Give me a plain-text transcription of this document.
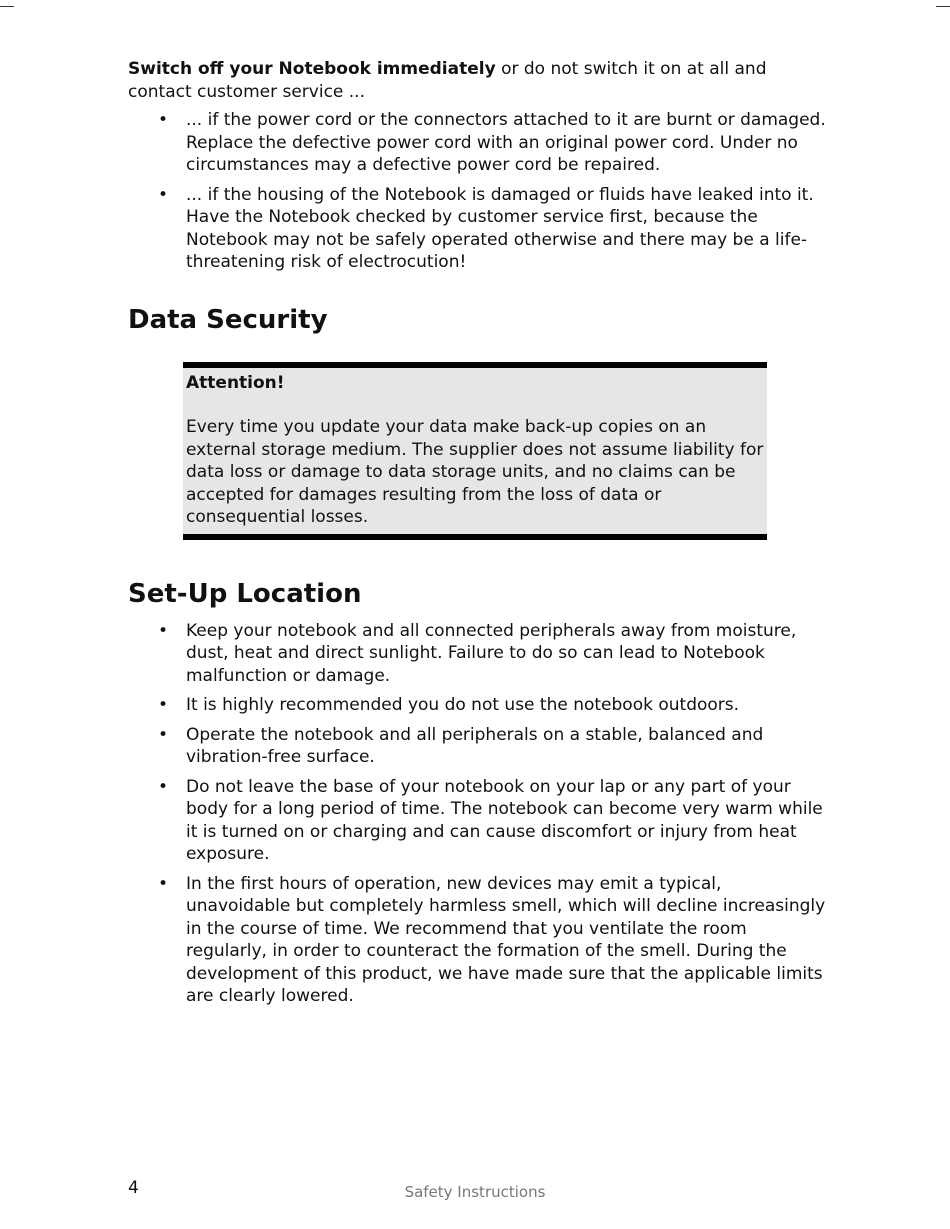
Switch off your Notebook immediately or do not switch it on at all and contact customer service ...

• ... if the power cord or the connectors attached to it are burnt or damaged. Replace the defective power cord with an original power cord. Under no circumstances may a defective power cord be repaired.
• ... if the housing of the Notebook is damaged or fluids have leaked into it. Have the Notebook checked by customer service first, because the Notebook may not be safely operated otherwise and there may be a life-threatening risk of electrocution!
Data Security

Attention!

Every time you update your data make back-up copies on an external storage medium. The supplier does not assume liability for data loss or damage to data storage units, and no claims can be accepted for damages resulting from the loss of data or consequential losses.

Set-Up Location
• Keep your notebook and all connected peripherals away from moisture, dust, heat and direct sunlight. Failure to do so can lead to Notebook malfunction or damage.
• It is highly recommended you do not use the notebook outdoors.
• Operate the notebook and all peripherals on a stable, balanced and vibration-free surface.
• Do not leave the base of your notebook on your lap or any part of your body for a long period of time. The notebook can become very warm while it is turned on or charging and can cause discomfort or injury from heat exposure.
• In the first hours of operation, new devices may emit a typical, unavoidable but completely harmless smell, which will decline increasingly in the course of time. We recommend that you ventilate the room regularly, in order to counteract the formation of the smell. During the development of this product, we have made sure that the applicable limits are clearly lowered.
4	Safety Instructions
